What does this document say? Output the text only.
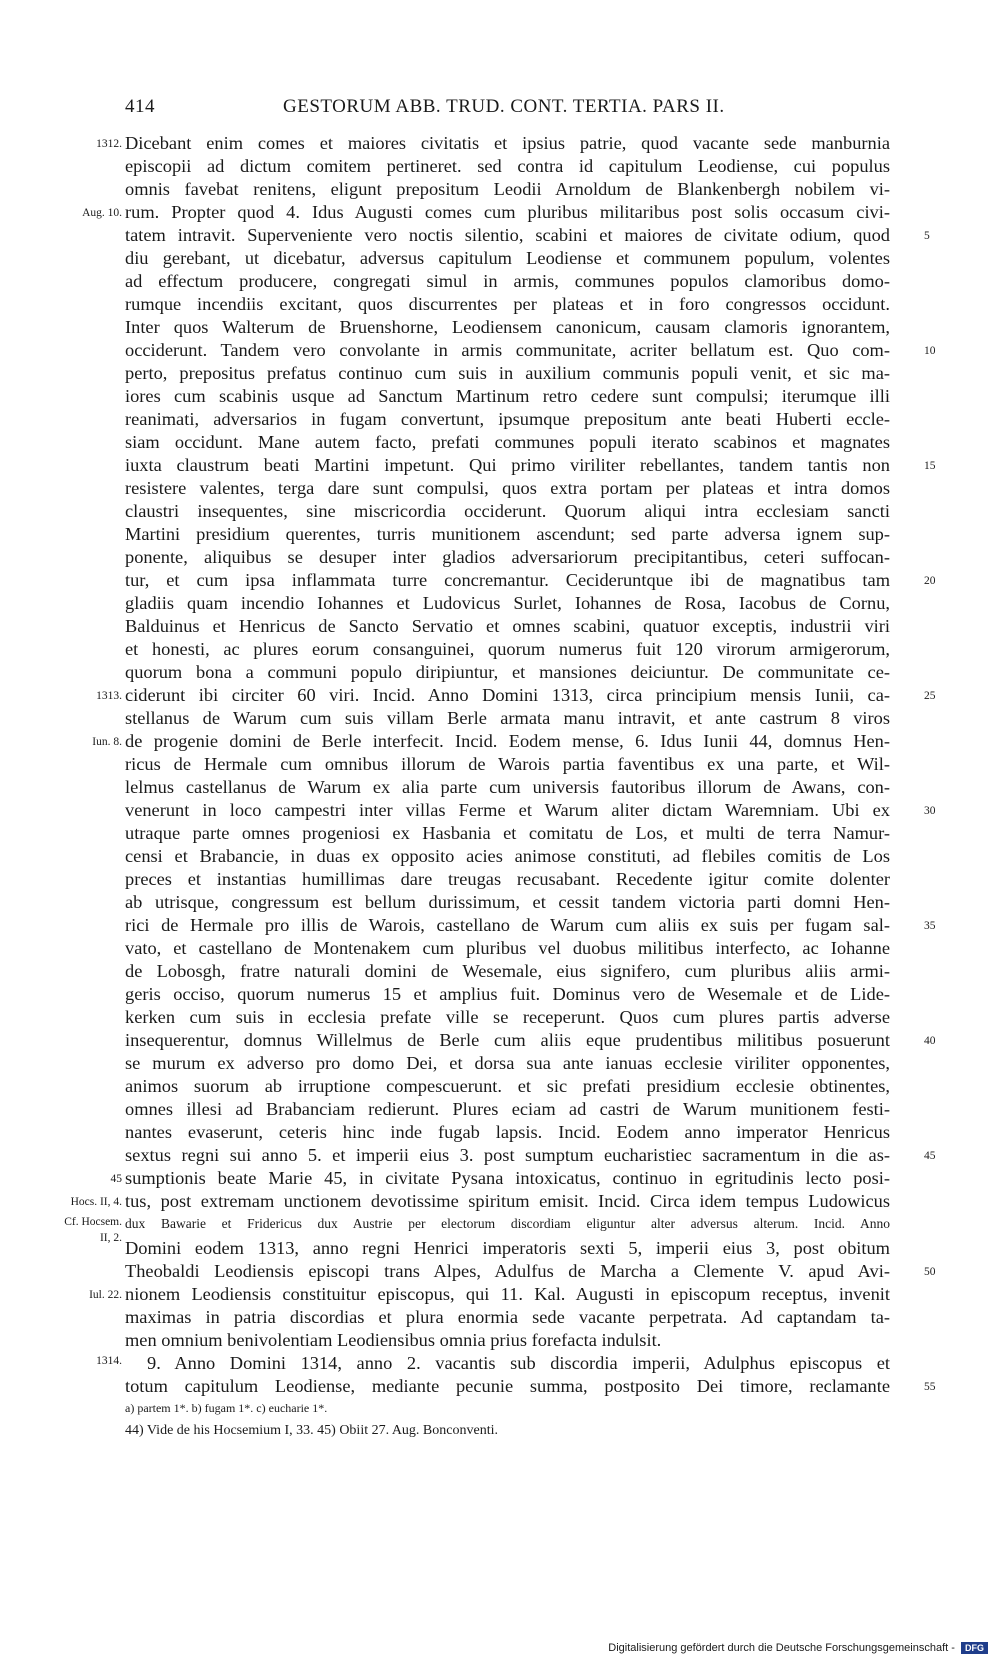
414	GESTORUM ABB. TRUD. CONT. TERTIA. PARS II.
Dicebant enim comes et maiores civitatis et ipsius patrie, quod vacante sede manburnia
episcopii ad dictum comitem pertineret. sed contra id capitulum Leodiense, cui populus
omnis favebat renitens, eligunt prepositum Leodii Arnoldum de Blankenbergh nobilem vi-
rum. Propter quod 4. Idus Augusti comes cum pluribus militaribus post solis occasum civi-
tatem intravit. Superveniente vero noctis silentio, scabini et maiores de civitate odium, quod
diu gerebant, ut dicebatur, adversus capitulum Leodiense et communem populum, volentes
ad effectum producere, congregati simul in armis, communes populos clamoribus domo-
rumque incendiis excitant, quos discurrentes per plateas et in foro congressos occidunt.
Inter quos Walterum de Bruenshorne, Leodiensem canonicum, causam clamoris ignorantem,
occiderunt. Tandem vero convolante in armis communitate, acriter bellatum est. Quo com-
perto, prepositus prefatus continuo cum suis in auxilium communis populi venit, et sic ma-
iores cum scabinis usque ad Sanctum Martinum retro cedere sunt compulsi; iterumque illi
reanimati, adversarios in fugam convertunt, ipsumque prepositum ante beati Huberti eccle-
siam occidunt. Mane autem facto, prefati communes populi iterato scabinos et magnates
iuxta claustrum beati Martini impetunt. Qui primo viriliter rebellantes, tandem tantis non
resistere valentes, terga dare sunt compulsi, quos extra portam per plateas et intra domos
claustri insequentes, sine miscricordia occiderunt. Quorum aliqui intra ecclesiam sancti
Martini presidium querentes, turris munitionem ascendunt; sed parte adversa ignem sup-
ponente, aliquibus se desuper inter gladios adversariorum precipitantibus, ceteri suffocan-
tur, et cum ipsa inflammata turre concremantur. Cecideruntque ibi de magnatibus tam
gladiis quam incendio Iohannes et Ludovicus Surlet, Iohannes de Rosa, Iacobus de Cornu,
Balduinus et Henricus de Sancto Servatio et omnes scabini, quatuor exceptis, industrii viri
et honesti, ac plures eorum consanguinei, quorum numerus fuit 120 virorum armigerorum,
quorum bona a communi populo diripiuntur, et mansiones deiciuntur. De communitate ce-
ciderunt ibi circiter 60 viri. Incid. Anno Domini 1313, circa principium mensis Iunii, ca-
stellanus de Warum cum suis villam Berle armata manu intravit, et ante castrum 8 viros
de progenie domini de Berle interfecit. Incid. Eodem mense, 6. Idus Iunii 44, domnus Hen-
ricus de Hermale cum omnibus illorum de Warois partia faventibus ex una parte, et Wil-
lelmus castellanus de Warum ex alia parte cum universis fautoribus illorum de Awans, con-
venerunt in loco campestri inter villas Ferme et Warum aliter dictam Waremniam. Ubi ex
utraque parte omnes progeniosi ex Hasbania et comitatu de Los, et multi de terra Namur-
censi et Brabancie, in duas ex opposito acies animose constituti, ad flebiles comitis de Los
preces et instantias humillimas dare treugas recusabant. Recedente igitur comite dolenter
ab utrisque, congressum est bellum durissimum, et cessit tandem victoria parti domni Hen-
rici de Hermale pro illis de Warois, castellano de Warum cum aliis ex suis per fugam sal-
vato, et castellano de Montenakem cum pluribus vel duobus militibus interfecto, ac Iohanne
de Lobosgh, fratre naturali domini de Wesemale, eius signifero, cum pluribus aliis armi-
geris occiso, quorum numerus 15 et amplius fuit. Dominus vero de Wesemale et de Lide-
kerken cum suis in ecclesia prefate ville se receperunt. Quos cum plures partis adverse
insequerentur, domnus Willelmus de Berle cum aliis eque prudentibus militibus posuerunt
se murum ex adverso pro domo Dei, et dorsa sua ante ianuas ecclesie viriliter opponentes,
animos suorum ab irruptione compescuerunt. et sic prefati presidium ecclesie obtinentes,
omnes illesi ad Brabanciam redierunt. Plures eciam ad castri de Warum munitionem festi-
nantes evaserunt, ceteris hinc inde fugab lapsis. Incid. Eodem anno imperator Henricus
sextus regni sui anno 5. et imperii eius 3. post sumptum eucharistiec sacramentum in die as-
sumptionis beate Marie 45, in civitate Pysana intoxicatus, continuo in egritudinis lecto posi-
tus, post extremam unctionem devotissime spiritum emisit. Incid. Circa idem tempus Ludowicus
dux Bawarie et Fridericus dux Austrie per electorum discordiam eliguntur alter adversus alterum. Incid. Anno
Domini eodem 1313, anno regni Henrici imperatoris sexti 5, imperii eius 3, post obitum
Theobaldi Leodiensis episcopi trans Alpes, Adulfus de Marcha a Clemente V. apud Avi-
nionem Leodiensis constituitur episcopus, qui 11. Kal. Augusti in episcopum receptus, invenit
maximas in patria discordias et plura enormia sede vacante perpetrata. Ad captandam ta-
men omnium benivolentiam Leodiensibus omnia prius forefacta indulsit.
9. Anno Domini 1314, anno 2. vacantis sub discordia imperii, Adulphus episcopus et
totum capitulum Leodiense, mediante pecunie summa, postposito Dei timore, reclamante
1312.
Aug. 10.
1313.
Iun. 8.
45
Hocs. II, 4.
Cf. Hocsem. II, 2.
Iul. 22.
1314.
5
10
15
20
25
30
35
40
45
50
55
a) partem 1*. b) fugam 1*. c) eucharie 1*.
44) Vide de his Hocsemium I, 33. 45) Obiit 27. Aug. Bonconventi.
Digitalisierung gefördert durch die Deutsche Forschungsgemeinschaft - DFG
